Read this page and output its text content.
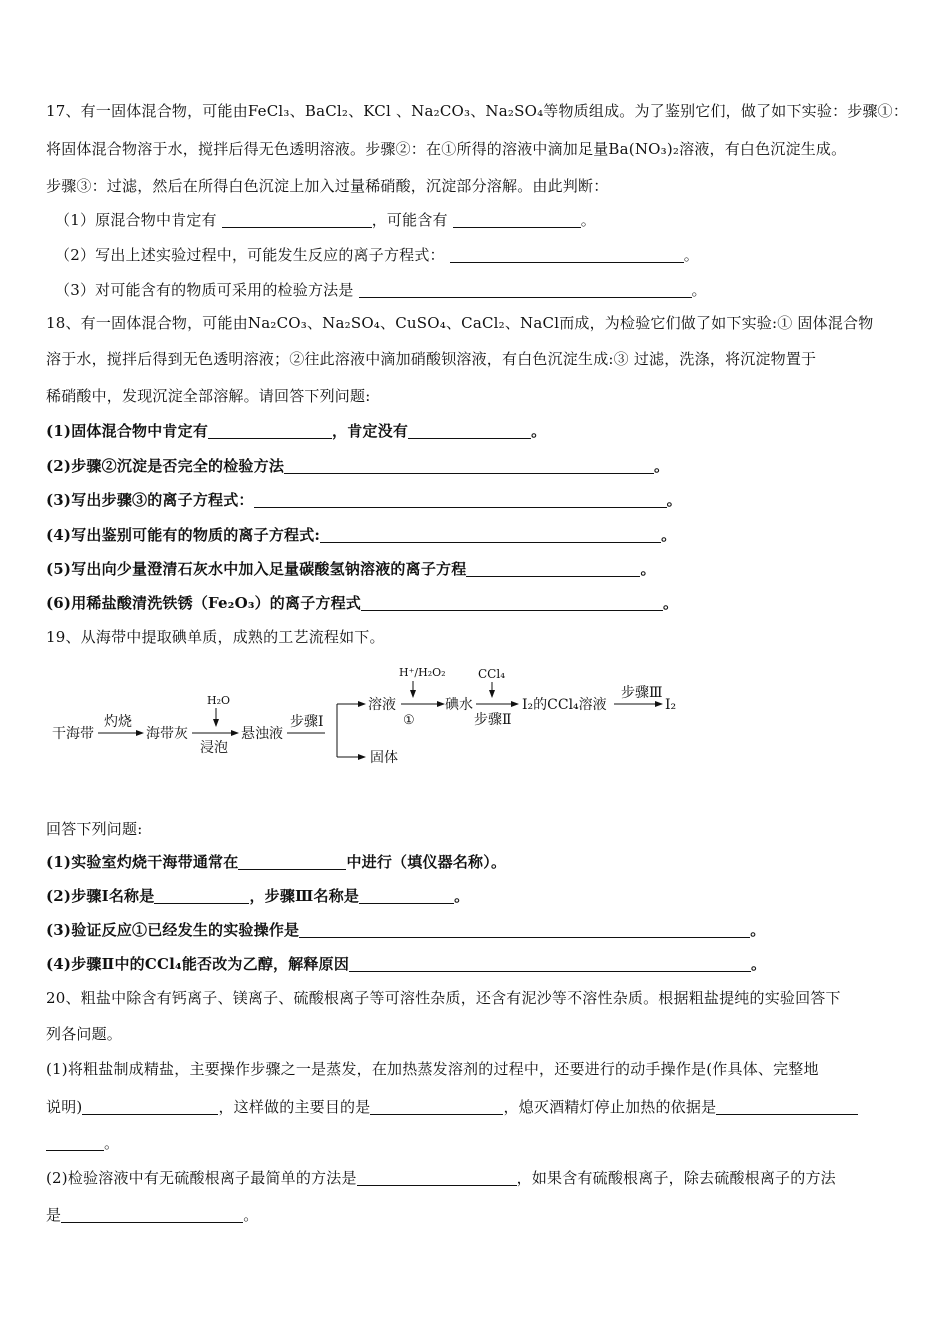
17、有一固体混合物，可能由FeCl₃、BaCl₂、KCl 、Na₂CO₃、Na₂SO₄等物质组成。为了鉴别它们，做了如下实验：步骤①：
将固体混合物溶于水，搅拌后得无色透明溶液。步骤②：在①所得的溶液中滴加足量Ba(NO₃)₂溶液，有白色沉淀生成。
步骤③：过滤，然后在所得白色沉淀上加入过量稀硝酸，沉淀部分溶解。由此判断：
（1）原混合物中肯定有	，可能含有	。
（2）写出上述实验过程中，可能发生反应的离子方程式：	。
（3）对可能含有的物质可采用的检验方法是	。
18、有一固体混合物，可能由Na₂CO₃、Na₂SO₄、CuSO₄、CaCl₂、NaCl而成，为检验它们做了如下实验:① 固体混合物
溶于水，搅拌后得到无色透明溶液；②往此溶液中滴加硝酸钡溶液，有白色沉淀生成:③ 过滤，洗涤，将沉淀物置于
稀硝酸中，发现沉淀全部溶解。请回答下列问题:
(1)固体混合物中肯定有	，肯定没有	。
(2)步骤②沉淀是否完全的检验方法	。
(3)写出步骤③的离子方程式：	。
(4)写出鉴别可能有的物质的离子方程式:	。
(5)写出向少量澄清石灰水中加入足量碳酸氢钠溶液的离子方程	。
(6)用稀盐酸清洗铁锈（Fe₂O₃）的离子方程式	。
19、从海带中提取碘单质，成熟的工艺流程如下。
干海带
灼烧
海带灰
H₂O
浸泡
悬浊液
步骤Ⅰ
固体
溶液
H⁺/H₂O₂
①
碘水
CCl₄
步骤Ⅱ
I₂的CCl₄溶液
步骤Ⅲ
I₂
回答下列问题:
(1)实验室灼烧干海带通常在	中进行（填仪器名称）。
(2)步骤Ⅰ名称是	，步骤Ⅲ名称是	。
(3)验证反应①已经发生的实验操作是	。
(4)步骤Ⅱ中的CCl₄能否改为乙醇，解释原因	。
20、粗盐中除含有钙离子、镁离子、硫酸根离子等可溶性杂质，还含有泥沙等不溶性杂质。根据粗盐提纯的实验回答下
列各问题。
(1)将粗盐制成精盐，主要操作步骤之一是蒸发，在加热蒸发溶剂的过程中，还要进行的动手操作是(作具体、完整地
说明)	，这样做的主要目的是	，熄灭酒精灯停止加热的依据是
。
(2)检验溶液中有无硫酸根离子最简单的方法是	，如果含有硫酸根离子，除去硫酸根离子的方法
是	。
